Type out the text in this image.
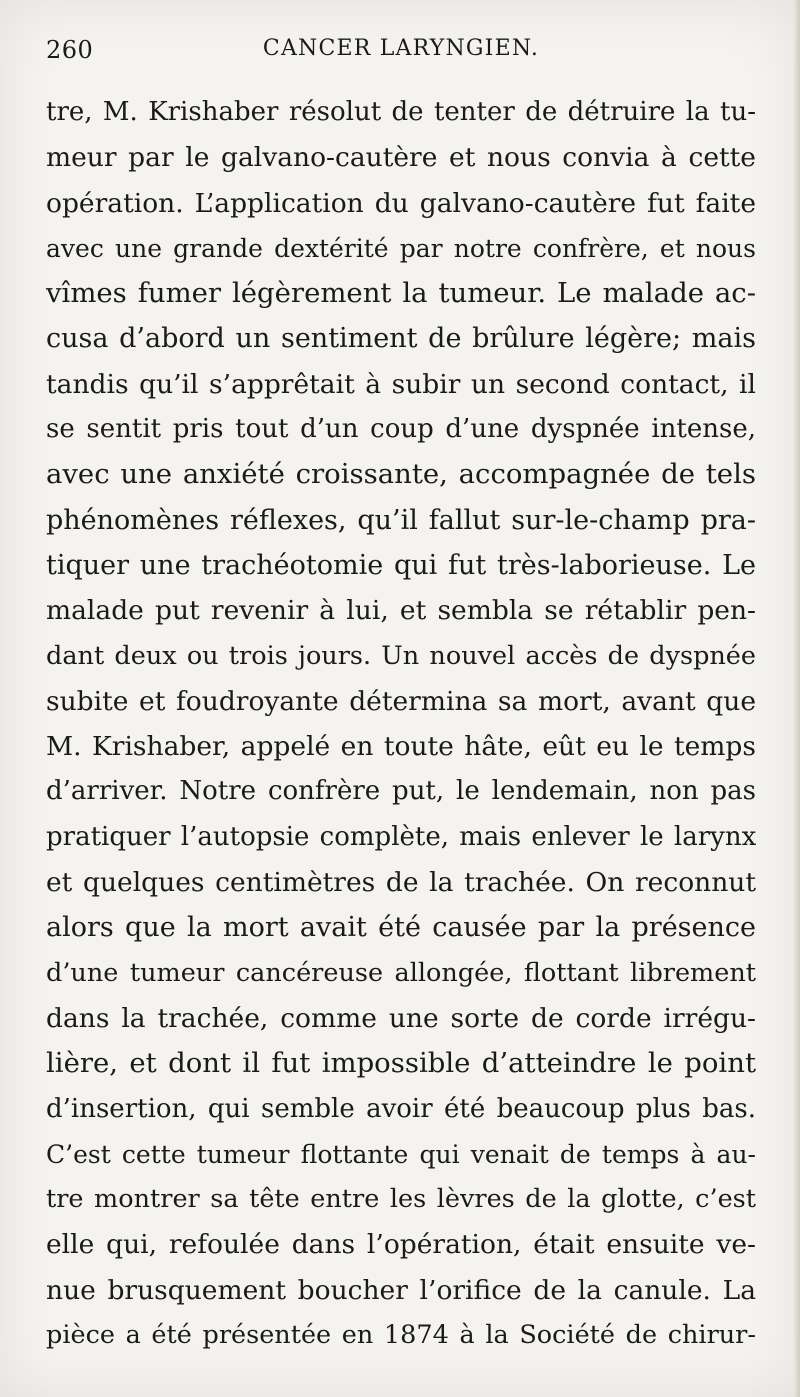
260	CANCER LARYNGIEN.
tre, M. Krishaber résolut de tenter de détruire la tu-
meur par le galvano-cautère et nous convia à cette
opération. L’application du galvano-cautère fut faite
avec une grande dextérité par notre confrère, et nous
vîmes fumer légèrement la tumeur. Le malade ac-
cusa d’abord un sentiment de brûlure légère; mais
tandis qu’il s’apprêtait à subir un second contact, il
se sentit pris tout d’un coup d’une dyspnée intense,
avec une anxiété croissante, accompagnée de tels
phénomènes réflexes, qu’il fallut sur-le-champ pra-
tiquer une trachéotomie qui fut très-laborieuse. Le
malade put revenir à lui, et sembla se rétablir pen-
dant deux ou trois jours. Un nouvel accès de dyspnée
subite et foudroyante détermina sa mort, avant que
M. Krishaber, appelé en toute hâte, eût eu le temps
d’arriver. Notre confrère put, le lendemain, non pas
pratiquer l’autopsie complète, mais enlever le larynx
et quelques centimètres de la trachée. On reconnut
alors que la mort avait été causée par la présence
d’une tumeur cancéreuse allongée, flottant librement
dans la trachée, comme une sorte de corde irrégu-
lière, et dont il fut impossible d’atteindre le point
d’insertion, qui semble avoir été beaucoup plus bas.
C’est cette tumeur flottante qui venait de temps à au-
tre montrer sa tête entre les lèvres de la glotte, c’est
elle qui, refoulée dans l’opération, était ensuite ve-
nue brusquement boucher l’orifice de la canule. La
pièce a été présentée en 1874 à la Société de chirur-
